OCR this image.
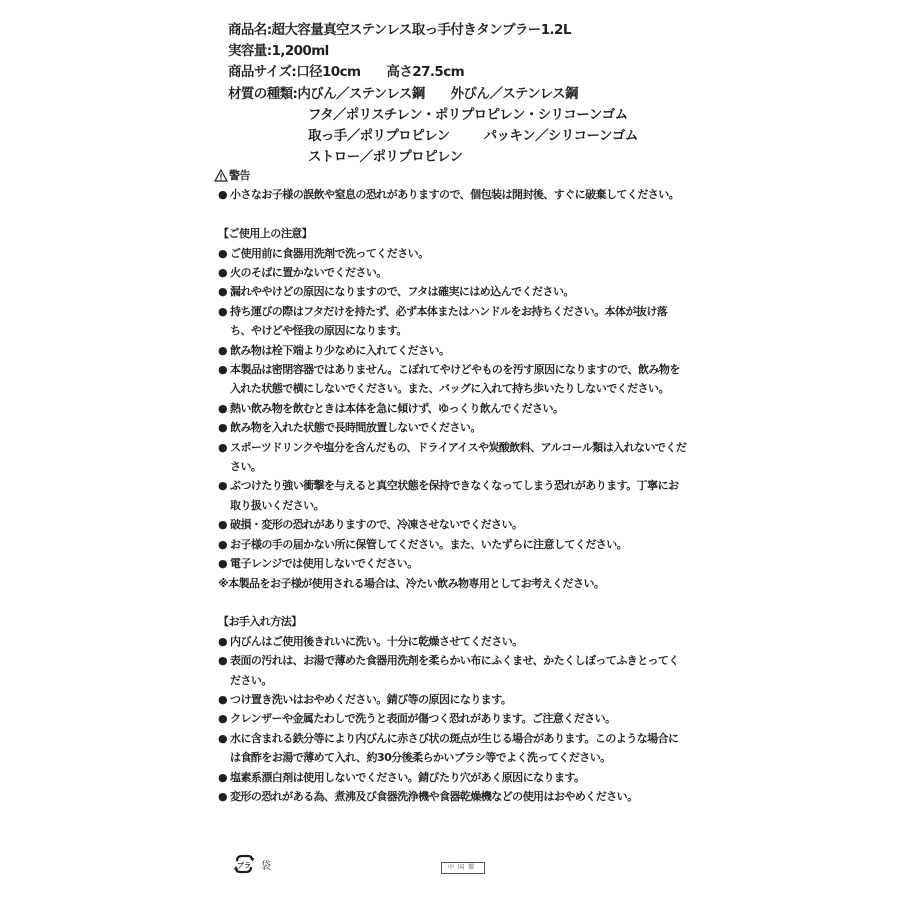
商品名:超大容量真空ステンレス取っ手付きタンブラー1.2L
実容量:1,200ml
商品サイズ:口径10cm 高さ27.5cm
材質の種類:内びん／ステンレス鋼 外びん／ステンレス鋼
フタ／ポリスチレン・ポリプロピレン・シリコーンゴム
取っ手／ポリプロピレン	パッキン／シリコーンゴム
ストロー／ポリプロピレン
警告
● 小さなお子様の誤飲や窒息の恐れがありますので、個包装は開封後、すぐに破棄してください。
【ご使用上の注意】
● ご使用前に食器用洗剤で洗ってください。
● 火のそばに置かないでください。
● 漏れややけどの原因になりますので、フタは確実にはめ込んでください。
● 持ち運びの際はフタだけを持たず、必ず本体またはハンドルをお持ちください。本体が抜け落ち、やけどや怪我の原因になります。
● 飲み物は栓下端より少なめに入れてください。
● 本製品は密閉容器ではありません。こぼれてやけどやものを汚す原因になりますので、飲み物を入れた状態で横にしないでください。また、バッグに入れて持ち歩いたりしないでください。
● 熱い飲み物を飲むときは本体を急に傾けず、ゆっくり飲んでください。
● 飲み物を入れた状態で長時間放置しないでください。
● スポーツドリンクや塩分を含んだもの、ドライアイスや炭酸飲料、アルコール類は入れないでください。
● ぶつけたり強い衝撃を与えると真空状態を保持できなくなってしまう恐れがあります。丁寧にお取り扱いください。
● 破損・変形の恐れがありますので、冷凍させないでください。
● お子様の手の届かない所に保管してください。また、いたずらに注意してください。
● 電子レンジでは使用しないでください。
※本製品をお子様が使用される場合は、冷たい飲み物専用としてお考えください。
【お手入れ方法】
● 内びんはご使用後きれいに洗い。十分に乾燥させてください。
● 表面の汚れは、お湯で薄めた食器用洗剤を柔らかい布にふくませ、かたくしぼってふきとってください。
● つけ置き洗いはおやめください。錆び等の原因になります。
● クレンザーや金属たわしで洗うと表面が傷つく恐れがあります。ご注意ください。
● 水に含まれる鉄分等により内びんに赤さび状の斑点が生じる場合があります。このような場合には食酢をお湯で薄めて入れ、約30分後柔らかいブラシ等でよく洗ってください。
● 塩素系漂白剤は使用しないでください。錆びたり穴があく原因になります。
● 変形の恐れがある為、煮沸及び食器洗浄機や食器乾燥機などの使用はおやめください。
プラ 袋	中国製
